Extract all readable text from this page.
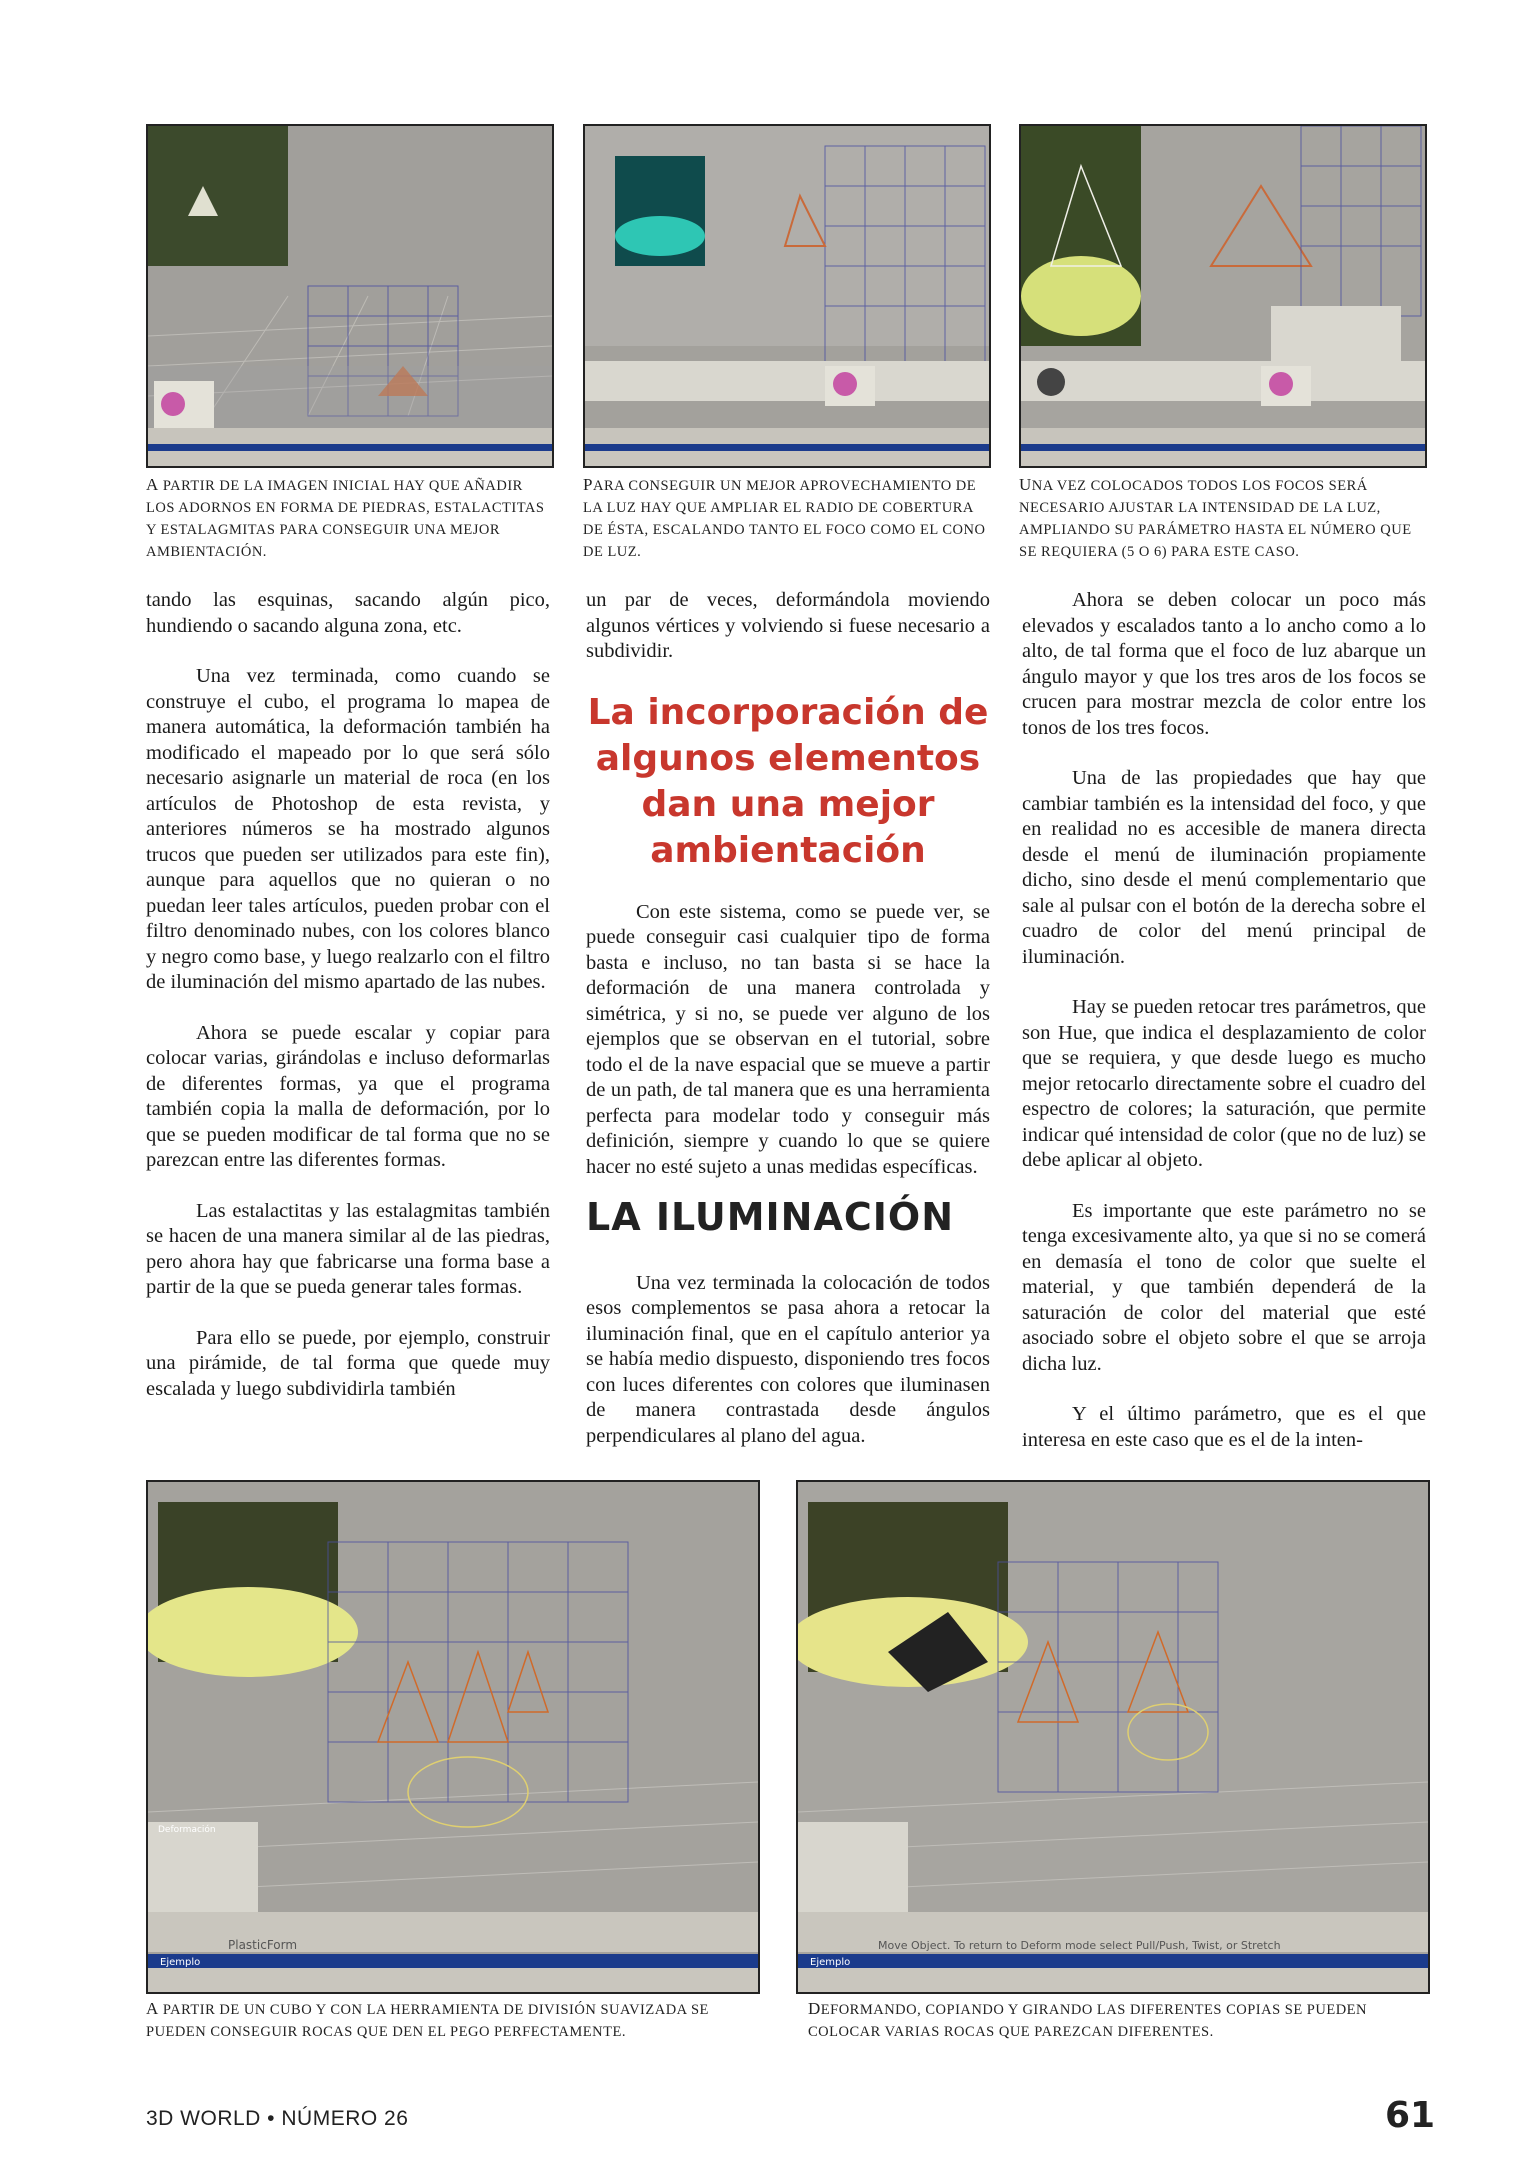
A PARTIR DE LA IMAGEN INICIAL HAY QUE AÑADIR LOS ADORNOS EN FORMA DE PIEDRAS, ESTALACTITAS Y ESTALAGMITAS PARA CONSEGUIR UNA MEJOR AMBIENTACIÓN.
PARA CONSEGUIR UN MEJOR APROVECHAMIENTO DE LA LUZ HAY QUE AMPLIAR EL RADIO DE COBERTURA DE ÉSTA, ESCALANDO TANTO EL FOCO COMO EL CONO DE LUZ.
UNA VEZ COLOCADOS TODOS LOS FOCOS SERÁ NECESARIO AJUSTAR LA INTENSIDAD DE LA LUZ, AMPLIANDO SU PARÁMETRO HASTA EL NÚMERO QUE SE REQUIERA (5 O 6) PARA ESTE CASO.

tando las esquinas, sacando algún pico, hundiendo o sacando alguna zona, etc.

Una vez terminada, como cuando se construye el cubo, el programa lo mapea de manera automática, la deformación también ha modificado el mapeado por lo que será sólo necesario asignarle un material de roca (en los artículos de Photoshop de esta revista, y anteriores números se ha mostrado algunos trucos que pueden ser utilizados para este fin), aunque para aquellos que no quieran o no puedan leer tales artículos, pueden probar con el filtro denominado nubes, con los colores blanco y negro como base, y luego realzarlo con el filtro de iluminación del mismo apartado de las nubes.

Ahora se puede escalar y copiar para colocar varias, girándolas e incluso deformarlas de diferentes formas, ya que el programa también copia la malla de deformación, por lo que se pueden modificar de tal forma que no se parezcan entre las diferentes formas.

Las estalactitas y las estalagmitas también se hacen de una manera similar al de las piedras, pero ahora hay que fabricarse una forma base a partir de la que se pueda generar tales formas.

Para ello se puede, por ejemplo, construir una pirámide, de tal forma que quede muy escalada y luego subdividirla también

un par de veces, deformándola moviendo algunos vértices y volviendo si fuese necesario a subdividir.

La incorporación de algunos elementos dan una mejor ambientación

Con este sistema, como se puede ver, se puede conseguir casi cualquier tipo de forma basta e incluso, no tan basta si se hace la deformación de una manera controlada y simétrica, y si no, se puede ver alguno de los ejemplos que se observan en el tutorial, sobre todo el de la nave espacial que se mueve a partir de un path, de tal manera que es una herramienta perfecta para modelar todo y conseguir más definición, siempre y cuando lo que se quiere hacer no esté sujeto a unas medidas específicas.

LA ILUMINACIÓN

Una vez terminada la colocación de todos esos complementos se pasa ahora a retocar la iluminación final, que en el capítulo anterior ya se había medio dispuesto, disponiendo tres focos con luces diferentes con colores que iluminasen de manera contrastada desde ángulos perpendiculares al plano del agua.

Ahora se deben colocar un poco más elevados y escalados tanto a lo ancho como a lo alto, de tal forma que el foco de luz abarque un ángulo mayor y que los tres aros de los focos se crucen para mostrar mezcla de color entre los tonos de los tres focos.

Una de las propiedades que hay que cambiar también es la intensidad del foco, y que en realidad no es accesible de manera directa desde el menú de iluminación propiamente dicho, sino desde el menú complementario que sale al pulsar con el botón de la derecha sobre el cuadro de color del menú principal de iluminación.

Hay se pueden retocar tres parámetros, que son Hue, que indica el desplazamiento de color que se requiera, y que desde luego es mucho mejor retocarlo directamente sobre el cuadro del espectro de colores; la saturación, que permite indicar qué intensidad de color (que no de luz) se debe aplicar al objeto.

Es importante que este parámetro no se tenga excesivamente alto, ya que si no se comerá en demasía el tono de color que suelte el material, y que también dependerá de la saturación de color del material que esté asociado sobre el objeto sobre el que se arroja dicha luz.

Y el último parámetro, que es el que interesa en este caso que es el de la inten-

Deformación
PlasticForm
Ejemplo
Move Object. To return to Deform mode select Pull/Push, Twist, or Stretch
Ejemplo
A PARTIR DE UN CUBO Y CON LA HERRAMIENTA DE DIVISIÓN SUAVIZADA SE PUEDEN CONSEGUIR ROCAS QUE DEN EL PEGO PERFECTAMENTE.
DEFORMANDO, COPIANDO Y GIRANDO LAS DIFERENTES COPIAS SE PUEDEN COLOCAR VARIAS ROCAS QUE PAREZCAN DIFERENTES.
3D WORLD • NÚMERO 26	61
